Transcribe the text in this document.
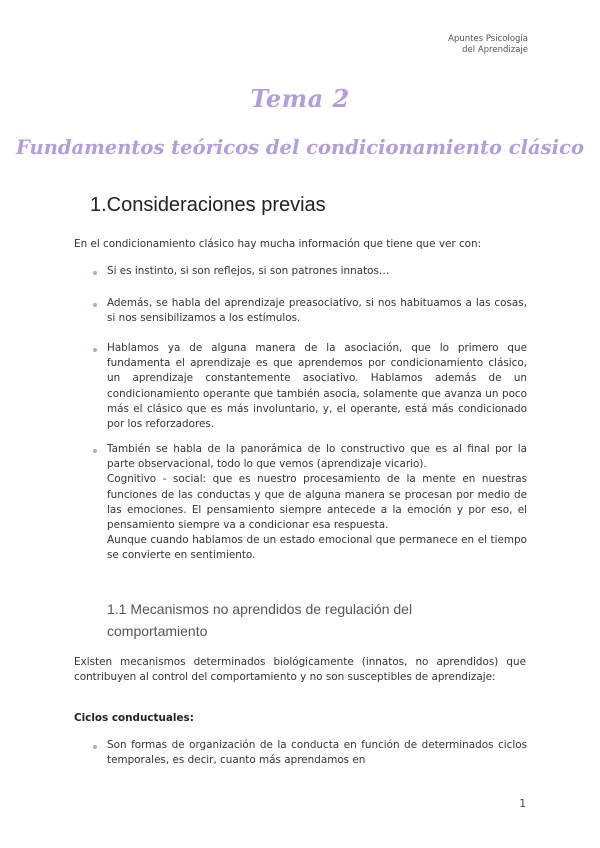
Apuntes Psicología
del Aprendizaje
Tema 2
Fundamentos teóricos del condicionamiento clásico
1.Consideraciones previas
En el condicionamiento clásico hay mucha información que tiene que ver con:
Si es instinto, si son reflejos, si son patrones innatos…
Además, se habla del aprendizaje preasociativo, si nos habituamos a las cosas, si nos sensibilizamos a los estímulos.
Hablamos ya de alguna manera de la asociación, que lo primero que fundamenta el aprendizaje es que aprendemos por condicionamiento clásico, un aprendizaje constantemente asociativo. Hablamos además de un condicionamiento operante que también asocia, solamente que avanza un poco más el clásico que es más involuntario, y, el operante, está más condicionado por los reforzadores.
También se habla de la panorámica de lo constructivo que es al final por la parte observacional, todo lo que vemos (aprendizaje vicario).
Cognitivo - social: que es nuestro procesamiento de la mente en nuestras funciones de las conductas y que de alguna manera se procesan por medio de las emociones. El pensamiento siempre antecede a la emoción y por eso, el pensamiento siempre va a condicionar esa respuesta.
Aunque cuando hablamos de un estado emocional que permanece en el tiempo se convierte en sentimiento.
1.1 Mecanismos no aprendidos de regulación del comportamiento
Existen mecanismos determinados biológicamente (innatos, no aprendidos) que contribuyen al control del comportamiento y no son susceptibles de aprendizaje:
Ciclos conductuales:
Son formas de organización de la conducta en función de determinados ciclos temporales, es decir, cuanto más aprendamos en
1
